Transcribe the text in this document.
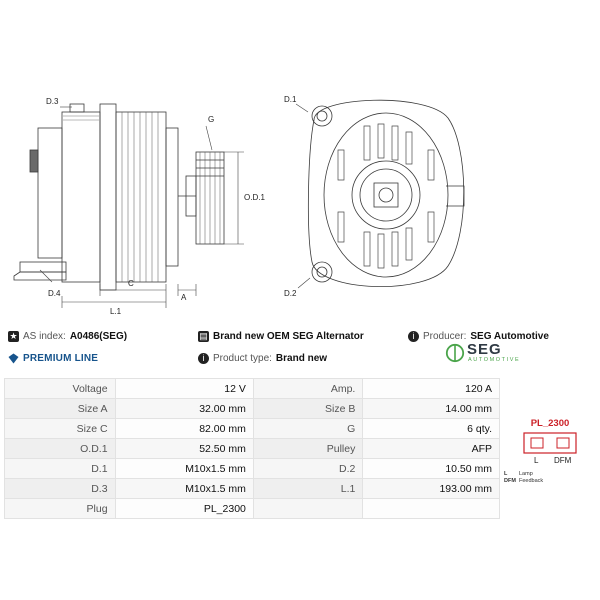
D.3
G
O.D.1
A
D.4
C
L.1
D.1
D.2
★ AS index: A0486(SEG)	▤ Brand new OEM SEG Alternator	i Producer: SEG Automotive
PREMIUM LINE	i Product type: Brand new	SEG
AUTOMOTIVE
Voltage	12 V	Amp.	120 A
Size A	32.00 mm	Size B	14.00 mm
Size C	82.00 mm	G	6 qty.
O.D.1	52.50 mm	Pulley	AFP
D.1	M10x1.5 mm	D.2	10.50 mm
D.3	M10x1.5 mm	L.1	193.00 mm
Plug	PL_2300		
PL_2300
L DFM
L	Lamp
DFM Feedback
